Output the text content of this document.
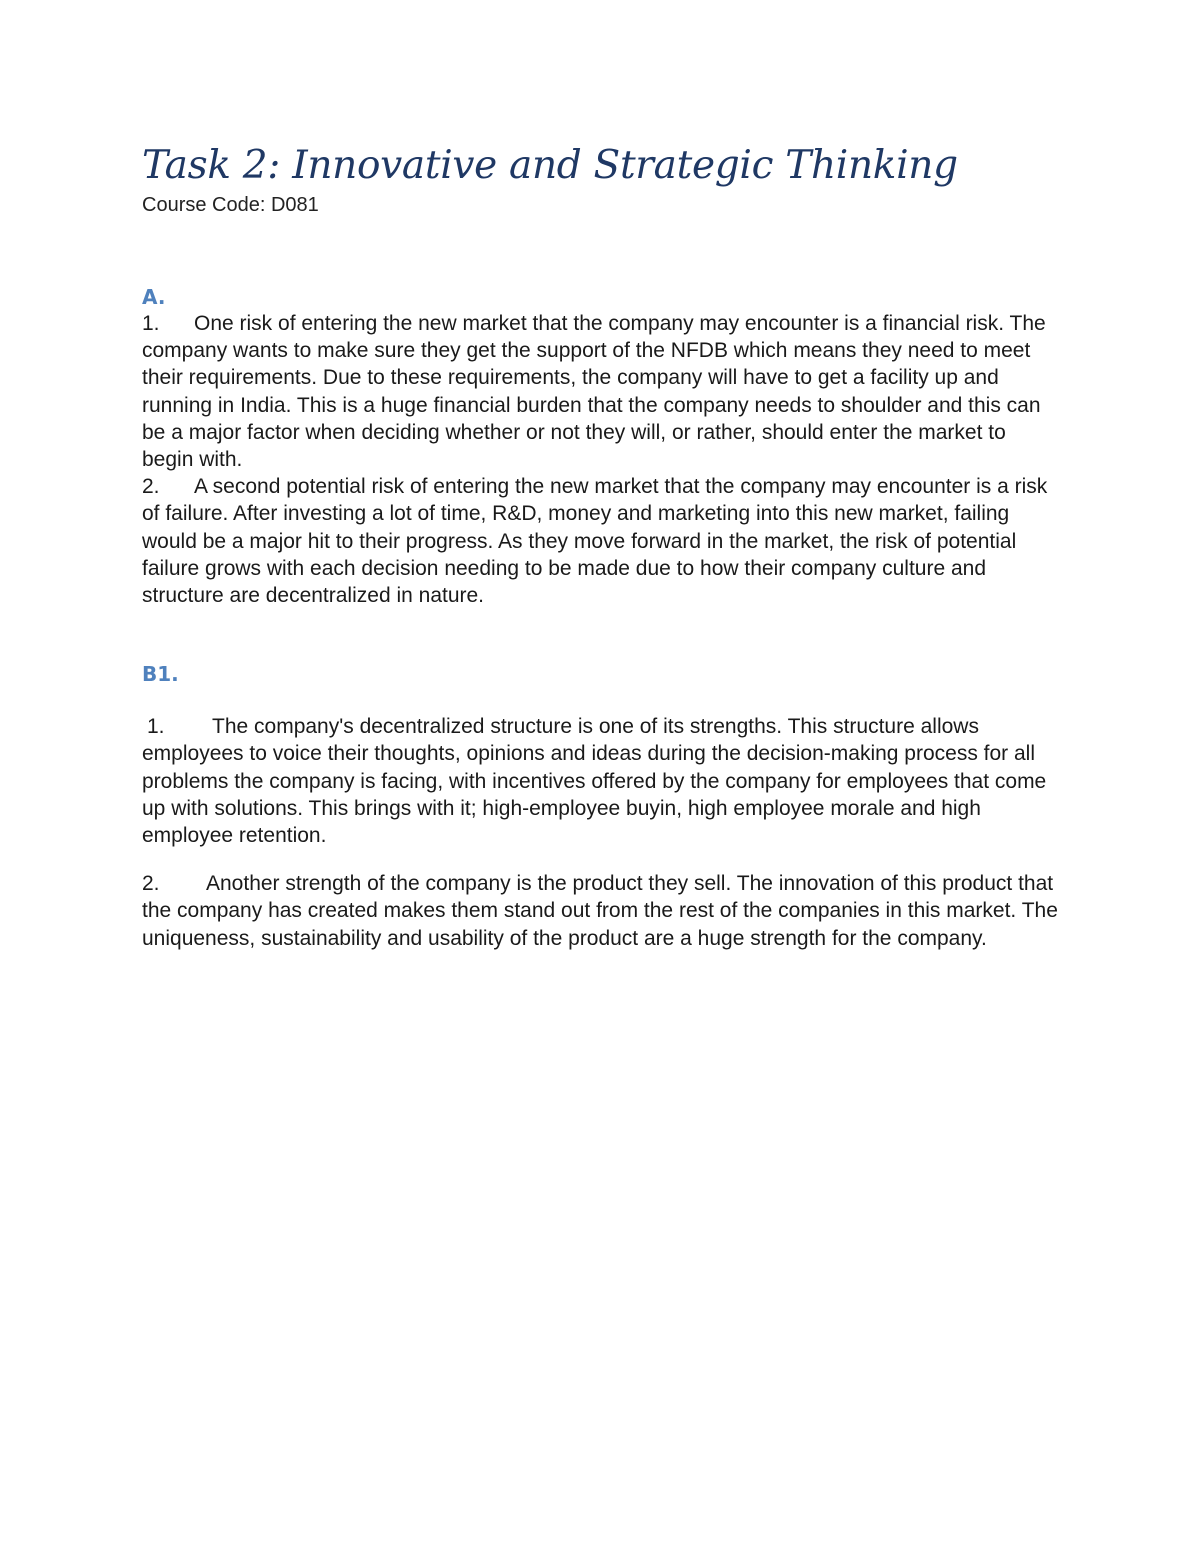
Task 2: Innovative and Strategic Thinking

Course Code: D081

A.

1. One risk of entering the new market that the company may encounter is a financial risk. The company wants to make sure they get the support of the NFDB which means they need to meet their requirements. Due to these requirements, the company will have to get a facility up and running in India. This is a huge financial burden that the company needs to shoulder and this can be a major factor when deciding whether or not they will, or rather, should enter the market to begin with.

2. A second potential risk of entering the new market that the company may encounter is a risk of failure. After investing a lot of time, R&D, money and marketing into this new market, failing would be a major hit to their progress. As they move forward in the market, the risk of potential failure grows with each decision needing to be made due to how their company culture and structure are decentralized in nature.

B1.

1. The company's decentralized structure is one of its strengths. This structure allows employees to voice their thoughts, opinions and ideas during the decision-making process for all problems the company is facing, with incentives offered by the company for employees that come up with solutions. This brings with it; high-employee buyin, high employee morale and high employee retention.

2. Another strength of the company is the product they sell. The innovation of this product that the company has created makes them stand out from the rest of the companies in this market. The uniqueness, sustainability and usability of the product are a huge strength for the company.
